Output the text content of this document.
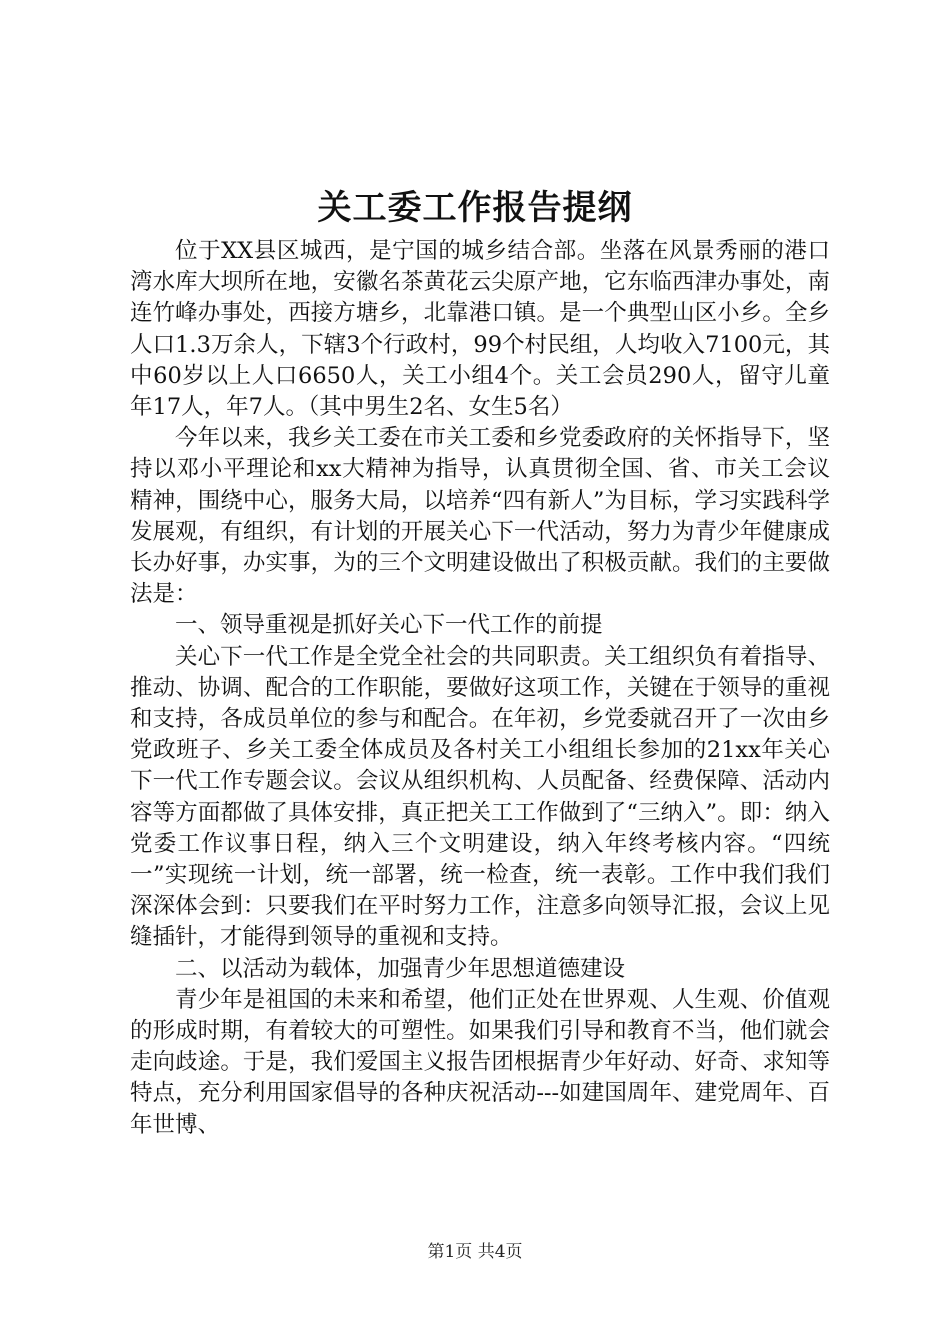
关工委工作报告提纲

位于XX县区城西，是宁国的城乡结合部。坐落在风景秀丽的港口湾水库大坝所在地，安徽名茶黄花云尖原产地，它东临西津办事处，南连竹峰办事处，西接方塘乡，北靠港口镇。是一个典型山区小乡。全乡人口1.3万余人，下辖3个行政村，99个村民组，人均收入7100元，其中60岁以上人口6650人，关工小组4个。关工会员290人，留守儿童年17人，年7人。（其中男生2名、女生5名）

今年以来，我乡关工委在市关工委和乡党委政府的关怀指导下，坚持以邓小平理论和xx大精神为指导，认真贯彻全国、省、市关工会议精神，围绕中心，服务大局，以培养“四有新人”为目标，学习实践科学发展观，有组织，有计划的开展关心下一代活动，努力为青少年健康成长办好事，办实事，为的三个文明建设做出了积极贡献。我们的主要做法是：

一、领导重视是抓好关心下一代工作的前提

关心下一代工作是全党全社会的共同职责。关工组织负有着指导、推动、协调、配合的工作职能，要做好这项工作，关键在于领导的重视和支持，各成员单位的参与和配合。在年初，乡党委就召开了一次由乡党政班子、乡关工委全体成员及各村关工小组组长参加的21xx年关心下一代工作专题会议。会议从组织机构、人员配备、经费保障、活动内容等方面都做了具体安排，真正把关工工作做到了“三纳入”。即：纳入党委工作议事日程，纳入三个文明建设，纳入年终考核内容。“四统一”实现统一计划，统一部署，统一检查，统一表彰。工作中我们我们深深体会到：只要我们在平时努力工作，注意多向领导汇报，会议上见缝插针，才能得到领导的重视和支持。

二、以活动为载体，加强青少年思想道德建设

青少年是祖国的未来和希望，他们正处在世界观、人生观、价值观的形成时期，有着较大的可塑性。如果我们引导和教育不当，他们就会走向歧途。于是，我们爱国主义报告团根据青少年好动、好奇、求知等特点，充分利用国家倡导的各种庆祝活动---如建国周年、建党周年、百年世博、

第1页 共4页
